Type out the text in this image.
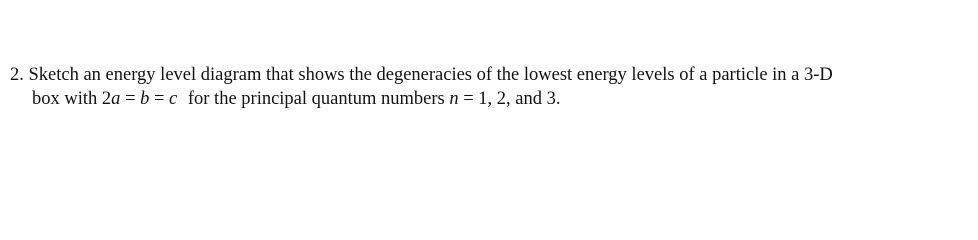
2. Sketch an energy level diagram that shows the degeneracies of the lowest energy levels of a particle in a 3-D
box with 2a = b = c for the principal quantum numbers n = 1, 2, and 3.
